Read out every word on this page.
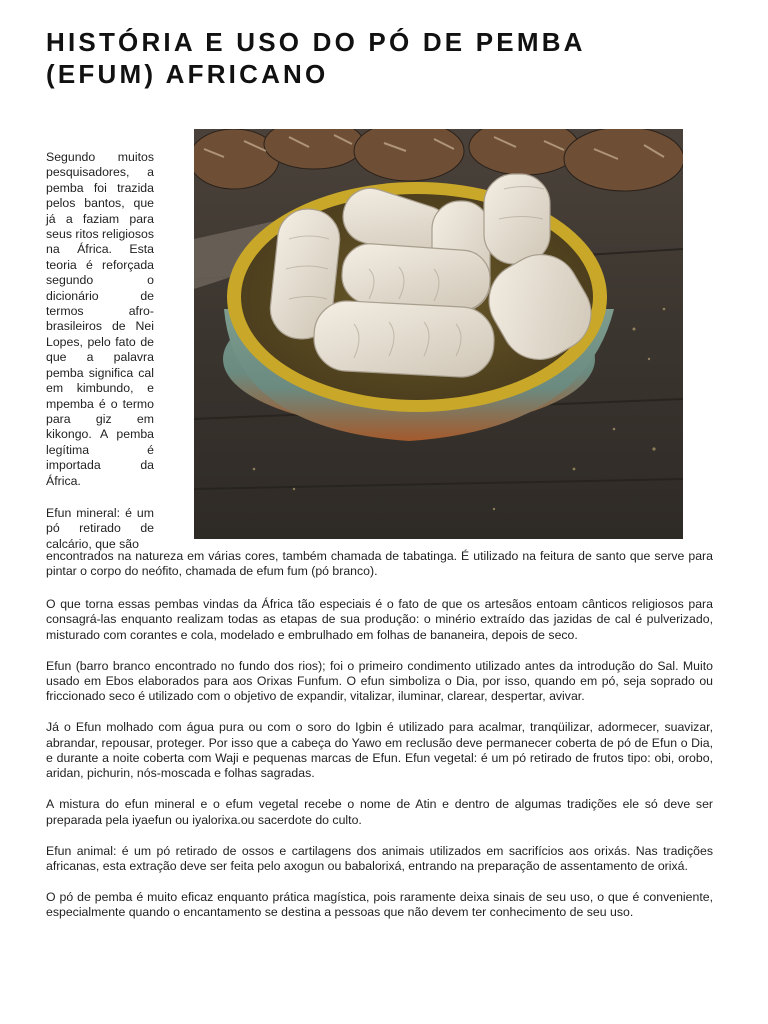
HISTÓRIA E USO DO PÓ DE PEMBA
(EFUM) AFRICANO

Segundo muitos pesquisadores, a pemba foi trazida pelos bantos, que já a faziam para seus ritos religiosos na África. Esta teoria é reforçada segundo o dicionário de termos afro-brasileiros de Nei Lopes, pelo fato de que a palavra pemba significa cal em kimbundo, e mpemba é o termo para giz em kikongo. A pemba legítima é importada da África.

Efun mineral: é um pó retirado de calcário, que são

encontrados na natureza em várias cores, também chamada de tabatinga. É utilizado na feitura de santo que serve para pintar o corpo do neófito, chamada de efum fum (pó branco).

O que torna essas pembas vindas da África tão especiais é o fato de que os artesãos entoam cânticos religiosos para consagrá-las enquanto realizam todas as etapas de sua produção: o minério extraído das jazidas de cal é pulverizado, misturado com corantes e cola, modelado e embrulhado em folhas de bananeira, depois de seco.

Efun (barro branco encontrado no fundo dos rios); foi o primeiro condimento utilizado antes da introdução do Sal. Muito usado em Ebos elaborados para aos Orixas Funfum. O efun simboliza o Dia, por isso, quando em pó, seja soprado ou friccionado seco é utilizado com o objetivo de expandir, vitalizar, iluminar, clarear, despertar, avivar.

Já o Efun molhado com água pura ou com o soro do Igbin é utilizado para acalmar, tranqüilizar, adormecer, suavizar, abrandar, repousar, proteger. Por isso que a cabeça do Yawo em reclusão deve permanecer coberta de pó de Efun o Dia, e durante a noite coberta com Waji e pequenas marcas de Efun. Efun vegetal: é um pó retirado de frutos tipo: obi, orobo, aridan, pichurin, nós-moscada e folhas sagradas.

A mistura do efun mineral e o efum vegetal recebe o nome de Atin e dentro de algumas tradições ele só deve ser preparada pela iyaefun ou iyalorixa.ou sacerdote do culto.

Efun animal: é um pó retirado de ossos e cartilagens dos animais utilizados em sacrifícios aos orixás. Nas tradições africanas, esta extração deve ser feita pelo axogun ou babalorixá, entrando na preparação de assentamento de orixá.

O pó de pemba é muito eficaz enquanto prática magística, pois raramente deixa sinais de seu uso, o que é conveniente, especialmente quando o encantamento se destina a pessoas que não devem ter conhecimento de seu uso.
